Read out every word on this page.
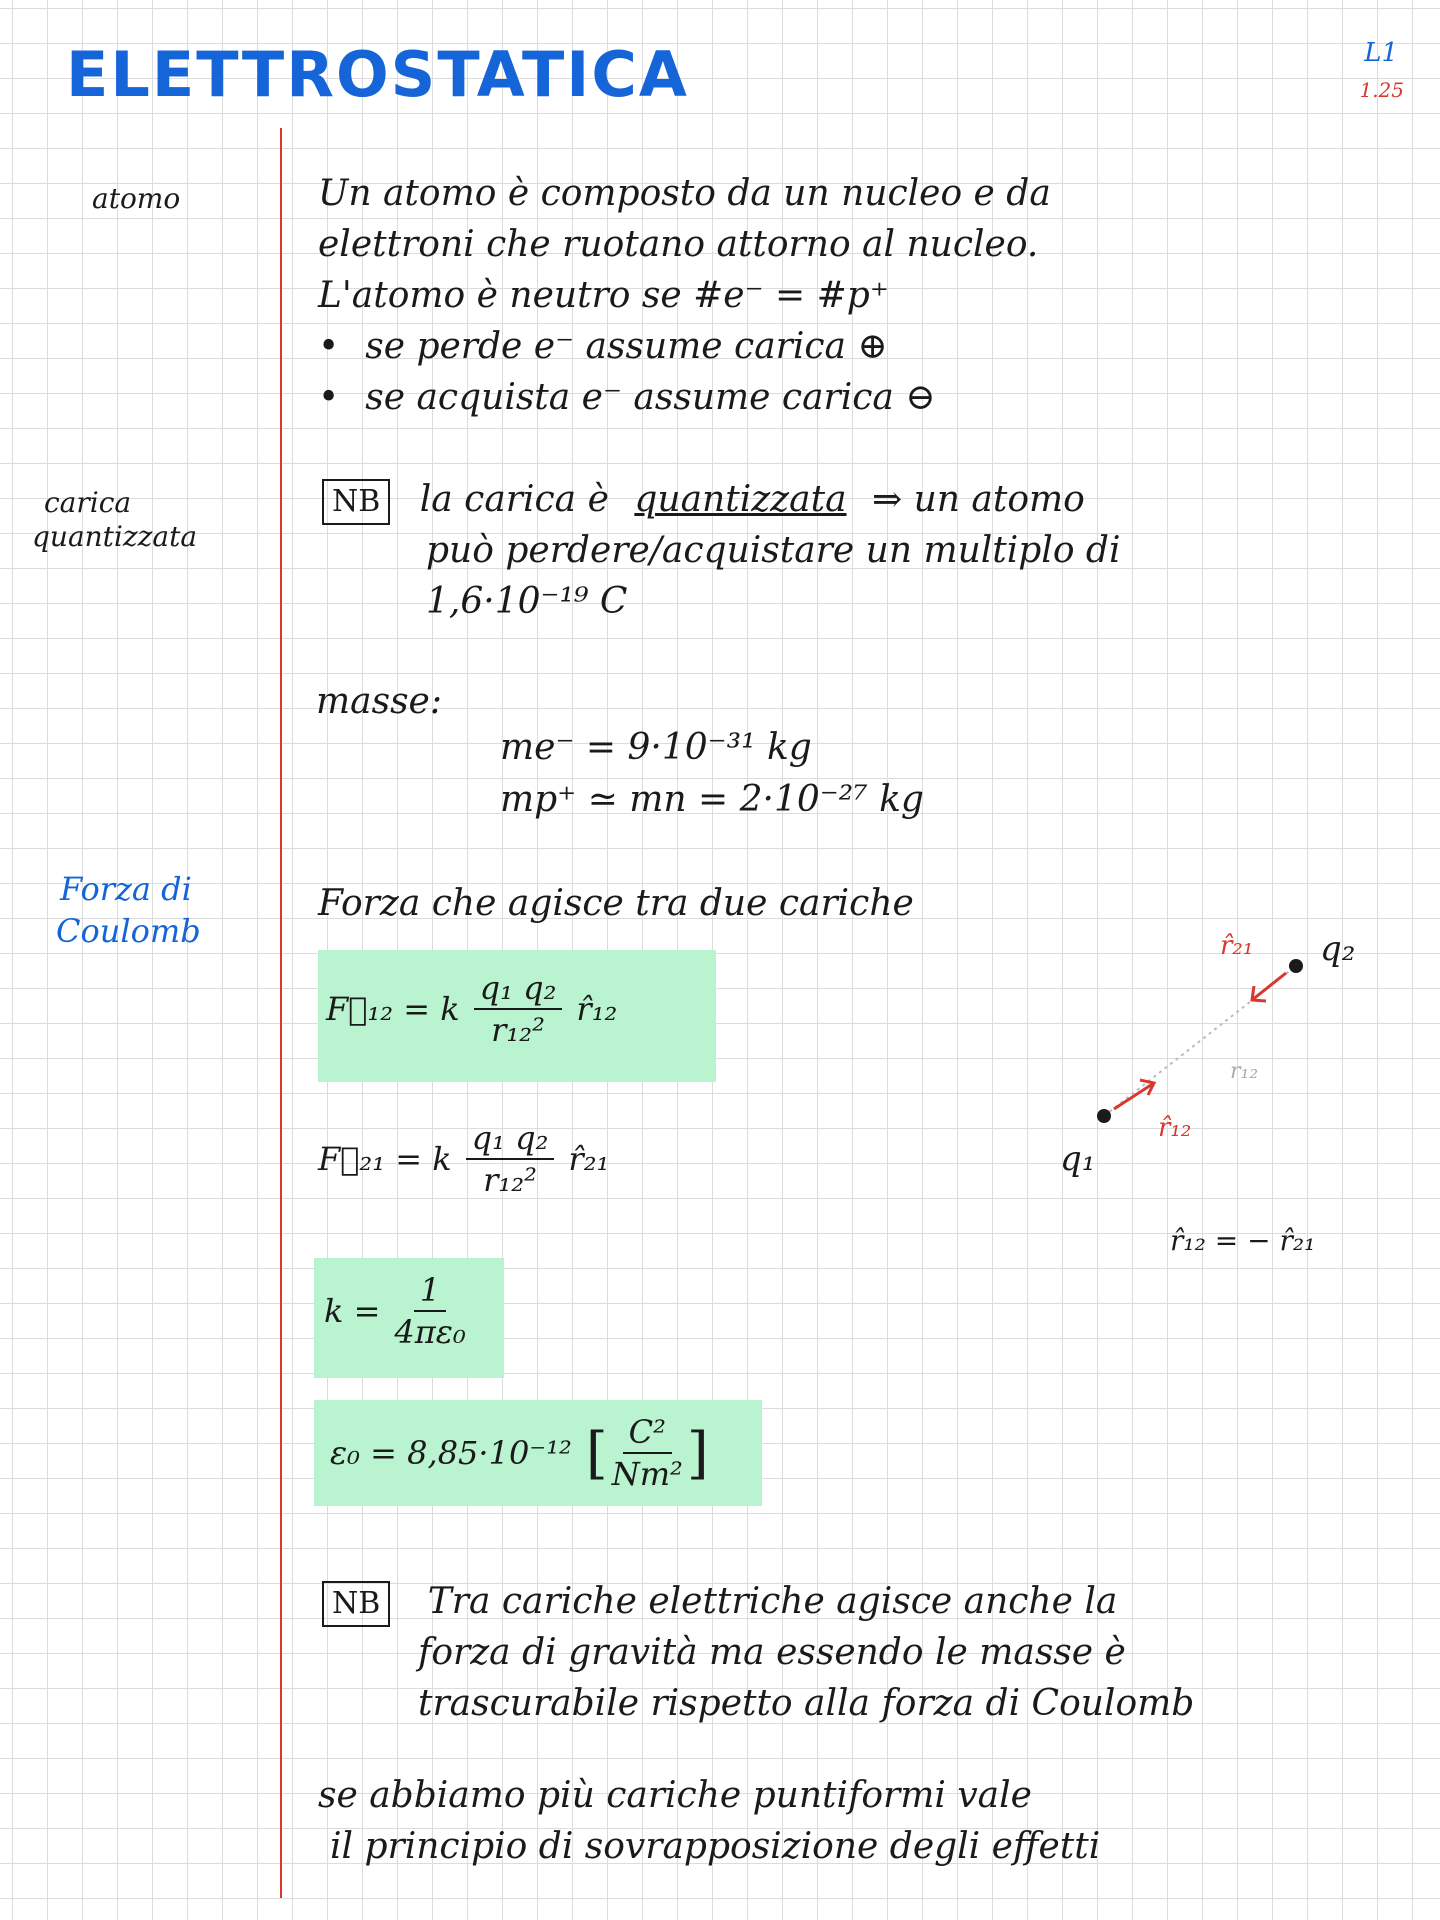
ELETTROSTATICA	L1
1.25
atomo
carica
quantizzata
Forza di
Coulomb
Un atomo è composto da un nucleo e da
elettroni che ruotano attorno al nucleo.
L'atomo è neutro se #e⁻ = #p⁺
• se perde e⁻ assume carica ⊕
• se acquista e⁻ assume carica ⊖
NB la carica è quantizzata ⇒ un atomo
può perdere/acquistare un multiplo di
1,6·10⁻¹⁹ C
masse:
me⁻ = 9·10⁻³¹ kg
mp⁺ ≃ mn = 2·10⁻²⁷ kg
Forza che agisce tra due cariche
F⃗₁₂ = k $\frac{\text{q₁ q₂}}{\text{r₁₂²}}$ r̂₁₂
F⃗₂₁ = k $\frac{\text{q₁ q₂}}{\text{r₁₂²}}$ r̂₂₁
$k = \frac{1}{\text{4πε₀}}$
ε₀ = 8,85·10⁻¹² [ $\frac{\text{C²}}{\text{Nm²}}$ ]
q₁
q₂
r̂₂₁
r̂₁₂
r₁₂
r̂₁₂ = − r̂₂₁
NB Tra cariche elettriche agisce anche la
forza di gravità ma essendo le masse è
trascurabile rispetto alla forza di Coulomb
se abbiamo più cariche puntiformi vale
il principio di sovrapposizione degli effetti
